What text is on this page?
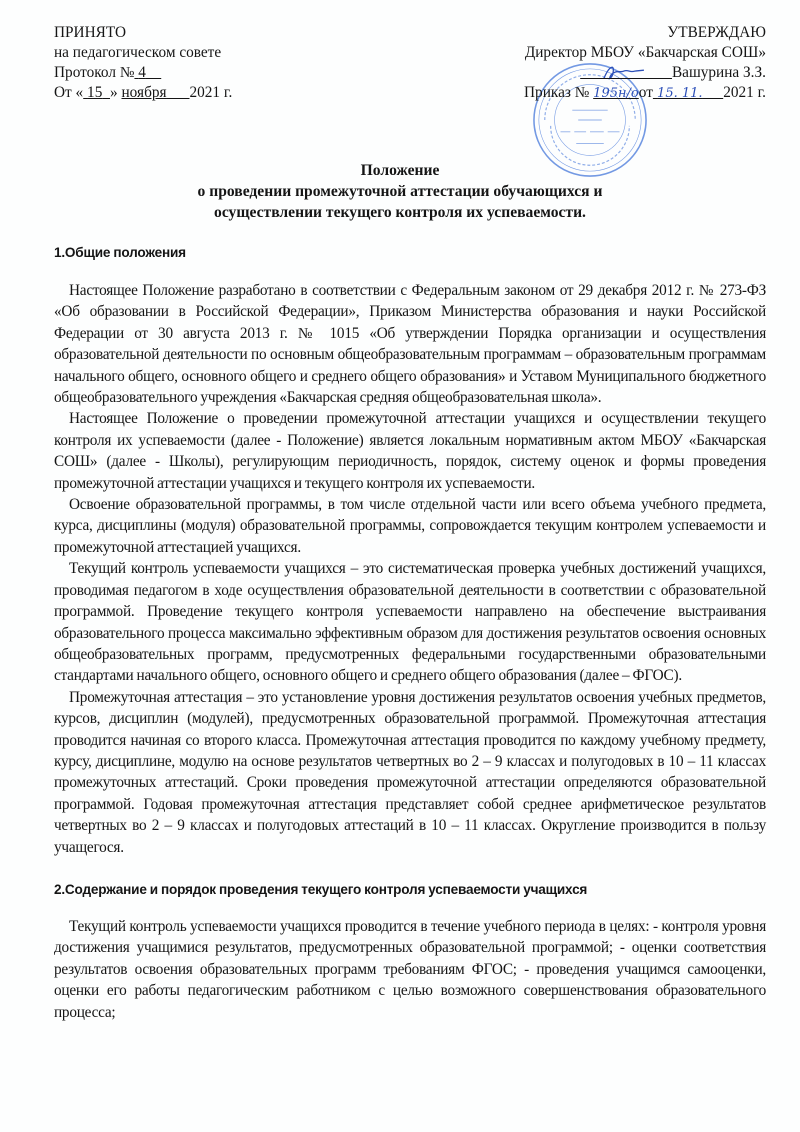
ПРИНЯТО
на педагогическом совете
Протокол № 4
От « 15 » ноября 2021 г.
УТВЕРЖДАЮ
Директор МБОУ «Бакчарская СОШ»
Вашурина З.З.
Приказ № 195н/оот 15. 11. 2021 г.
Положение
о проведении промежуточной аттестации обучающихся и
осуществлении текущего контроля их успеваемости.
1.Общие положения

Настоящее Положение разработано в соответствии с Федеральным законом от 29 декабря 2012 г. № 273-ФЗ «Об образовании в Российской Федерации», Приказом Министерства образования и науки Российской Федерации от 30 августа 2013 г. № 1015 «Об утверждении Порядка организации и осуществления образовательной деятельности по основным общеобразовательным программам – образовательным программам начального общего, основного общего и среднего общего образования» и Уставом Муниципального бюджетного общеобразовательного учреждения «Бакчарская средняя общеобразовательная школа».

Настоящее Положение о проведении промежуточной аттестации учащихся и осуществлении текущего контроля их успеваемости (далее - Положение) является локальным нормативным актом МБОУ «Бакчарская СОШ» (далее - Школы), регулирующим периодичность, порядок, систему оценок и формы проведения промежуточной аттестации учащихся и текущего контроля их успеваемости.

Освоение образовательной программы, в том числе отдельной части или всего объема учебного предмета, курса, дисциплины (модуля) образовательной программы, сопровождается текущим контролем успеваемости и промежуточной аттестацией учащихся.

Текущий контроль успеваемости учащихся – это систематическая проверка учебных достижений учащихся, проводимая педагогом в ходе осуществления образовательной деятельности в соответствии с образовательной программой. Проведение текущего контроля успеваемости направлено на обеспечение выстраивания образовательного процесса максимально эффективным образом для достижения результатов освоения основных общеобразовательных программ, предусмотренных федеральными государственными образовательными стандартами начального общего, основного общего и среднего общего образования (далее – ФГОС).

Промежуточная аттестация – это установление уровня достижения результатов освоения учебных предметов, курсов, дисциплин (модулей), предусмотренных образовательной программой. Промежуточная аттестация проводится начиная со второго класса. Промежуточная аттестация проводится по каждому учебному предмету, курсу, дисциплине, модулю на основе результатов четвертных во 2 – 9 классах и полугодовых в 10 – 11 классах промежуточных аттестаций. Сроки проведения промежуточной аттестации определяются образовательной программой. Годовая промежуточная аттестация представляет собой среднее арифметическое результатов четвертных во 2 – 9 классах и полугодовых аттестаций в 10 – 11 классах. Округление производится в пользу учащегося.

2.Содержание и порядок проведения текущего контроля успеваемости учащихся

Текущий контроль успеваемости учащихся проводится в течение учебного периода в целях: - контроля уровня достижения учащимися результатов, предусмотренных образовательной программой; - оценки соответствия результатов освоения образовательных программ требованиям ФГОС; - проведения учащимся самооценки, оценки его работы педагогическим работником с целью возможного совершенствования образовательного процесса;
